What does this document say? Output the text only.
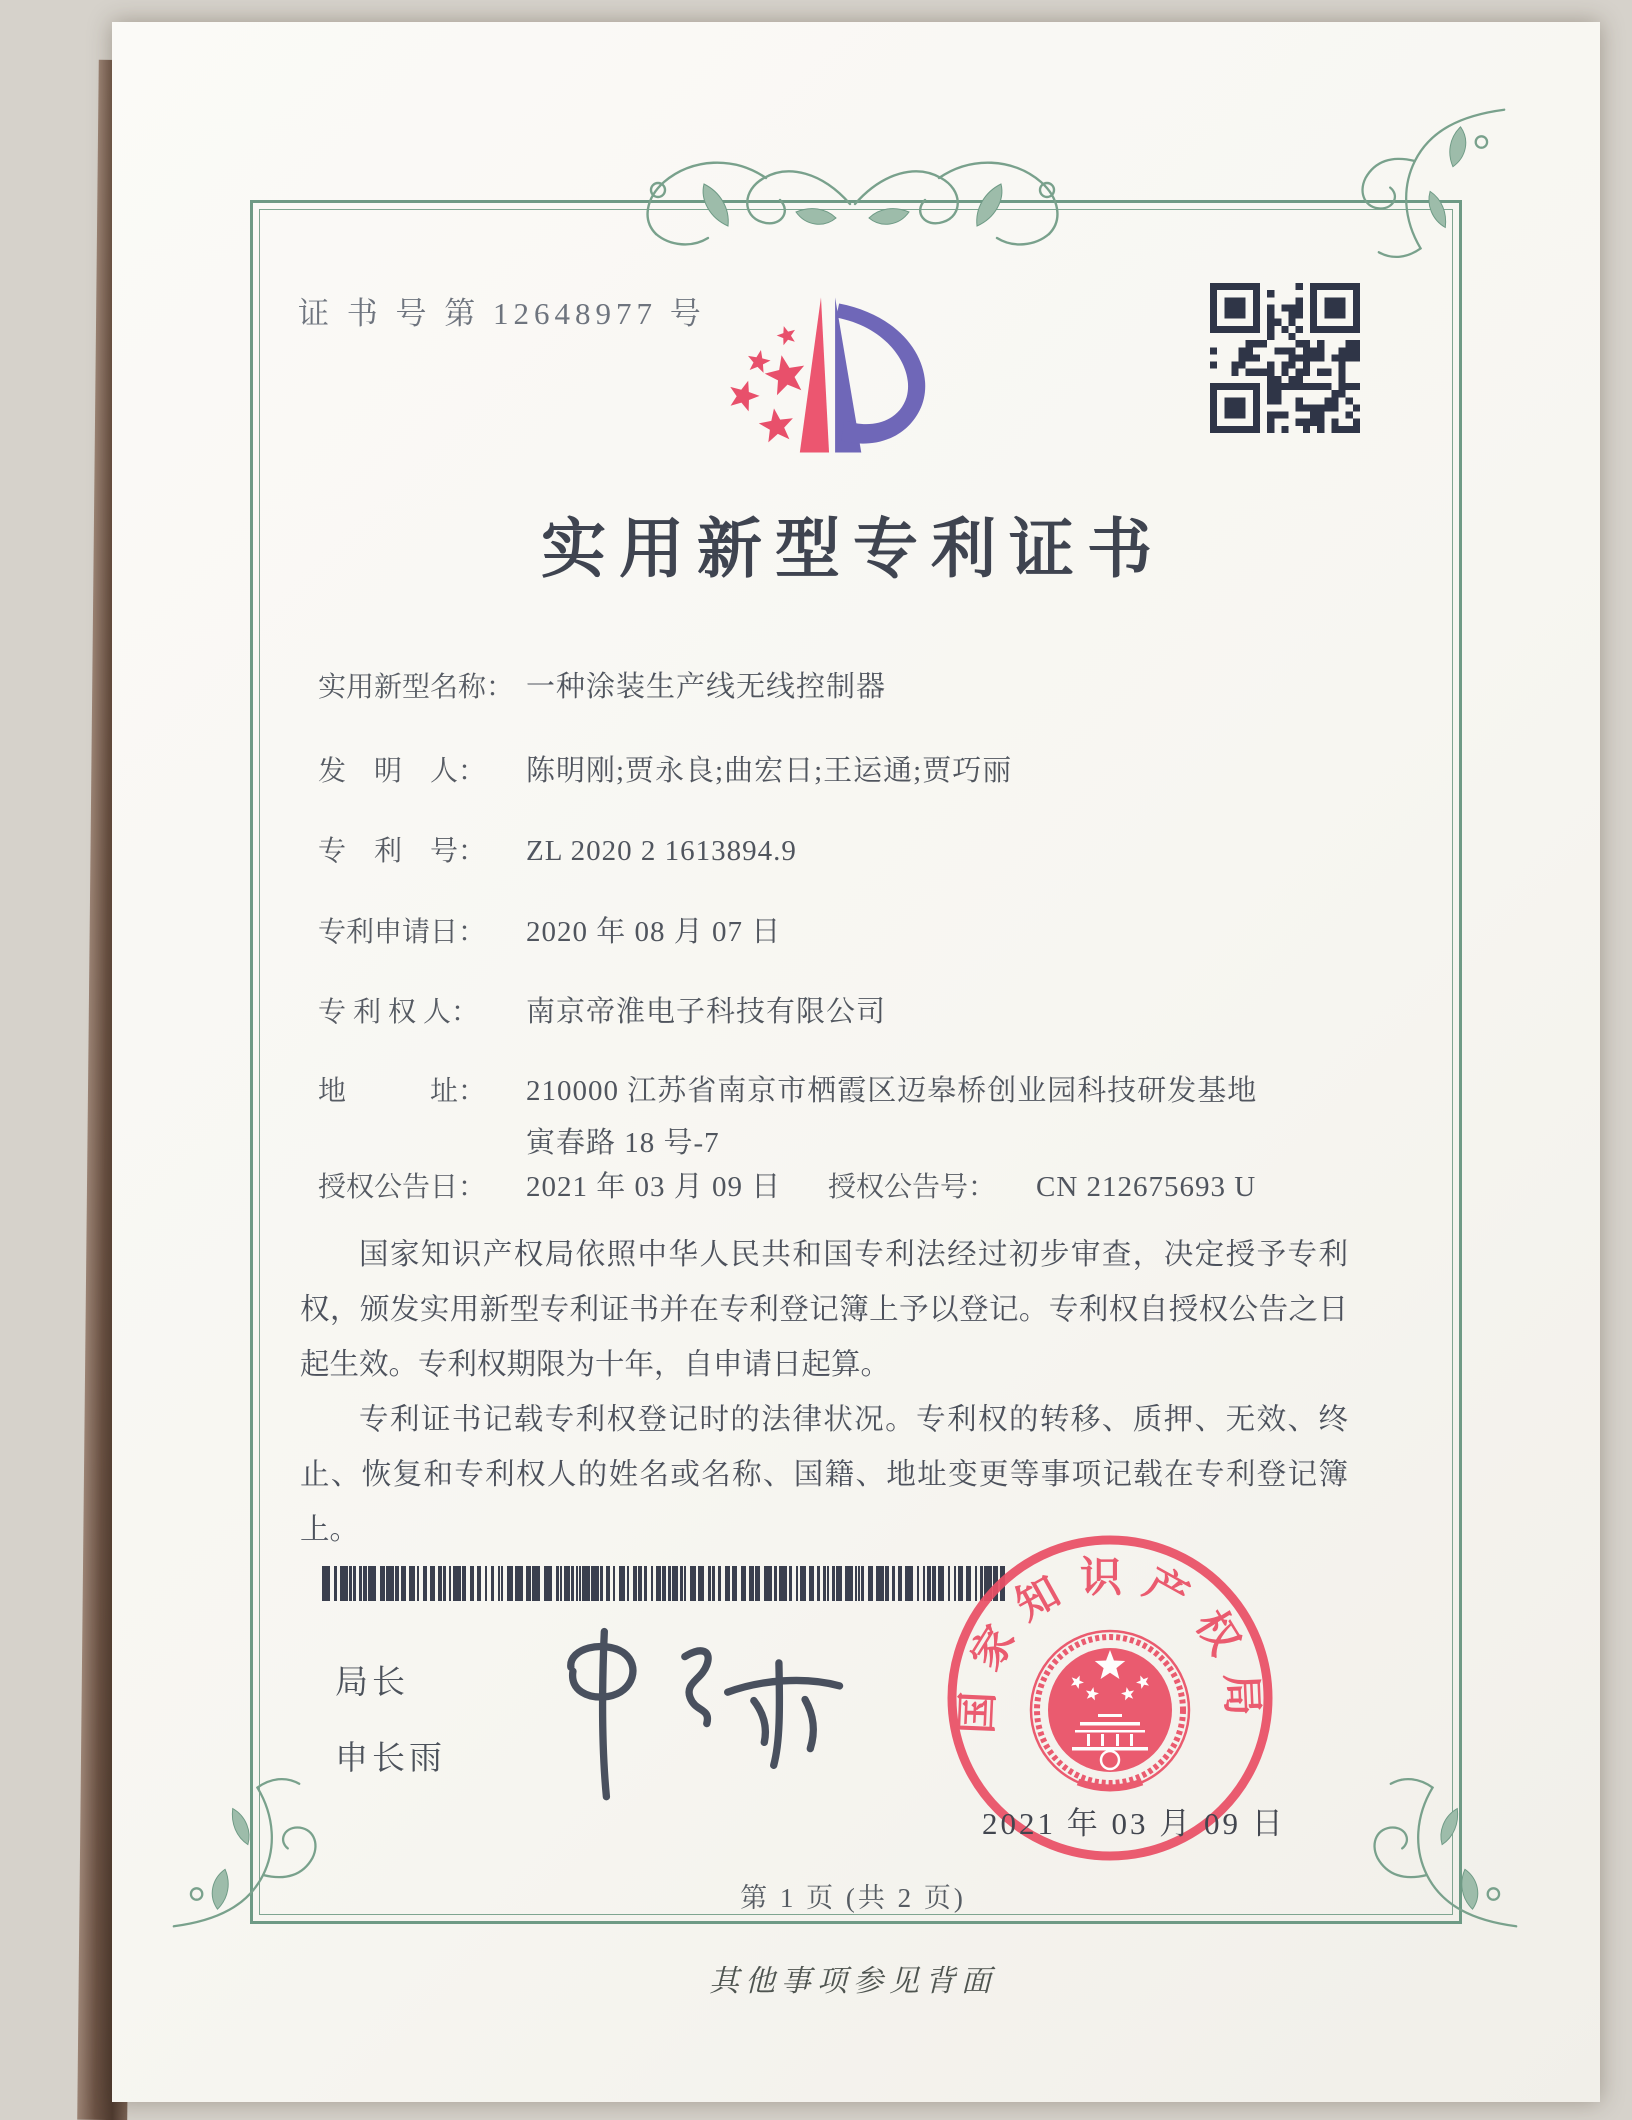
证 书 号 第 12648977 号
实用新型专利证书
实用新型名称： 一种涂装生产线无线控制器
发　明　人： 陈明刚;贾永良;曲宏日;王运通;贾巧丽
专　利　号： ZL 2020 2 1613894.9
专利申请日： 2020 年 08 月 07 日
专 利 权 人： 南京帝淮电子科技有限公司
地　　　址： 210000 江苏省南京市栖霞区迈皋桥创业园科技研发基地
寅春路 18 号-7
授权公告日： 2021 年 03 月 09 日 授权公告号： CN 212675693 U

国家知识产权局依照中华人民共和国专利法经过初步审查，决定授予专利权，颁发实用新型专利证书并在专利登记簿上予以登记。专利权自授权公告之日起生效。专利权期限为十年，自申请日起算。

专利证书记载专利权登记时的法律状况。专利权的转移、质押、无效、终止、恢复和专利权人的姓名或名称、国籍、地址变更等事项记载在专利登记簿上。

局长
申长雨
国家知识产权局
2021 年 03 月 09 日
第 1 页 (共 2 页)
其他事项参见背面
